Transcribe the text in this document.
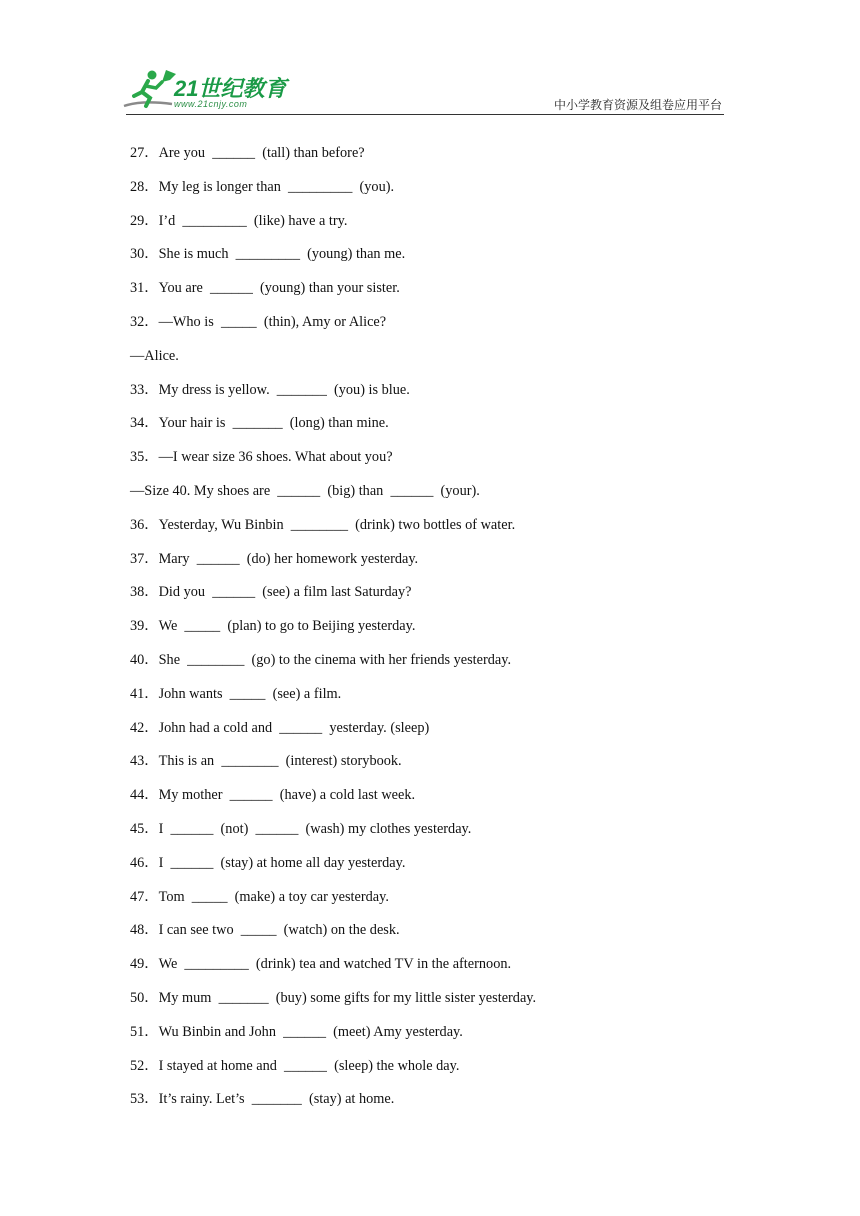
21世纪教育
www.21cnjy.com	中小学教育资源及组卷应用平台
27．Are you  ______  (tall) than before?
28．My leg is longer than  _________  (you).
29．I’d  _________  (like) have a try.
30．She is much  _________  (young) than me.
31．You are  ______  (young) than your sister.
32．—Who is  _____  (thin), Amy or Alice?
—Alice.
33．My dress is yellow.  _______  (you) is blue.
34．Your hair is  _______  (long) than mine.
35．—I wear size 36 shoes. What about you?
—Size 40. My shoes are  ______  (big) than  ______  (your).
36．Yesterday, Wu Binbin  ________  (drink) two bottles of water.
37．Mary  ______  (do) her homework yesterday.
38．Did you  ______  (see) a film last Saturday?
39．We  _____  (plan) to go to Beijing yesterday.
40．She  ________  (go) to the cinema with her friends yesterday.
41．John wants  _____  (see) a film.
42．John had a cold and  ______  yesterday. (sleep)
43．This is an  ________  (interest) storybook.
44．My mother  ______  (have) a cold last week.
45．I  ______  (not)  ______  (wash) my clothes yesterday.
46．I  ______  (stay) at home all day yesterday.
47．Tom  _____  (make) a toy car yesterday.
48．I can see two  _____  (watch) on the desk.
49．We  _________  (drink) tea and watched TV in the afternoon.
50．My mum  _______  (buy) some gifts for my little sister yesterday.
51．Wu Binbin and John  ______  (meet) Amy yesterday.
52．I stayed at home and  ______  (sleep) the whole day.
53．It’s rainy. Let’s  _______  (stay) at home.
